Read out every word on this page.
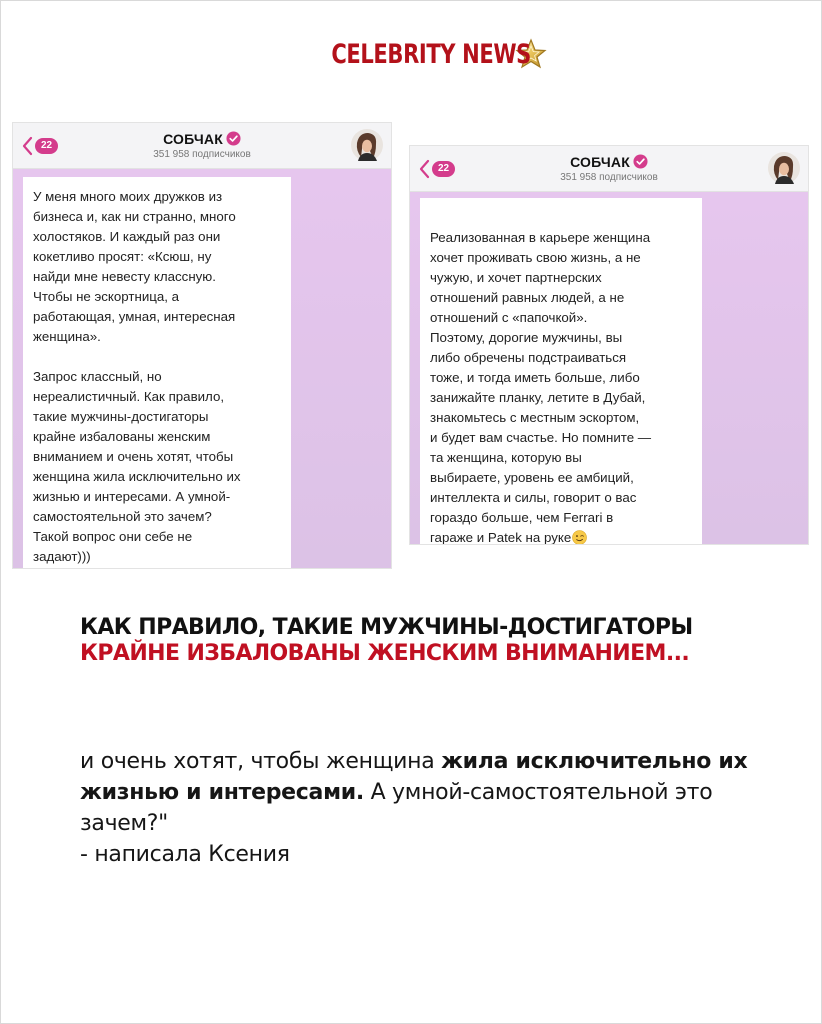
CELEBRITY NEWS
22	СОБЧАК
351 958 подписчиков
У меня много моих дружков из
бизнеса и, как ни странно, много
холостяков. И каждый раз они
кокетливо просят: «Ксюш, ну
найди мне невесту классную.
Чтобы не эскортница, а
работающая, умная, интересная
женщина».

Запрос классный, но
нереалистичный. Как правило,
такие мужчины-достигаторы
крайне избалованы женским
вниманием и очень хотят, чтобы
женщина жила исключительно их
жизнью и интересами. А умной-
самостоятельной это зачем?
Такой вопрос они себе не
задают)))
22	СОБЧАК
351 958 подписчиков

Реализованная в карьере женщина
хочет проживать свою жизнь, а не
чужую, и хочет партнерских
отношений равных людей, а не
отношений с «папочкой».
Поэтому, дорогие мужчины, вы
либо обречены подстраиваться
тоже, и тогда иметь больше, либо
занижайте планку, летите в Дубай,
знакомьтесь с местным эскортом,
и будет вам счастье. Но помните —
та женщина, которую вы
выбираете, уровень ее амбиций,
интеллекта и силы, говорит о вас
гораздо больше, чем Ferrari в
гараже и Patek на руке

КАК ПРАВИЛО, ТАКИЕ МУЖЧИНЫ-ДОСТИГАТОРЫ КРАЙНЕ ИЗБАЛОВАНЫ ЖЕНСКИМ ВНИМАНИЕМ...
и очень хотят, чтобы женщина жила исключительно их жизнью и интересами. А умной-самостоятельной это зачем?"
- написала Ксения
